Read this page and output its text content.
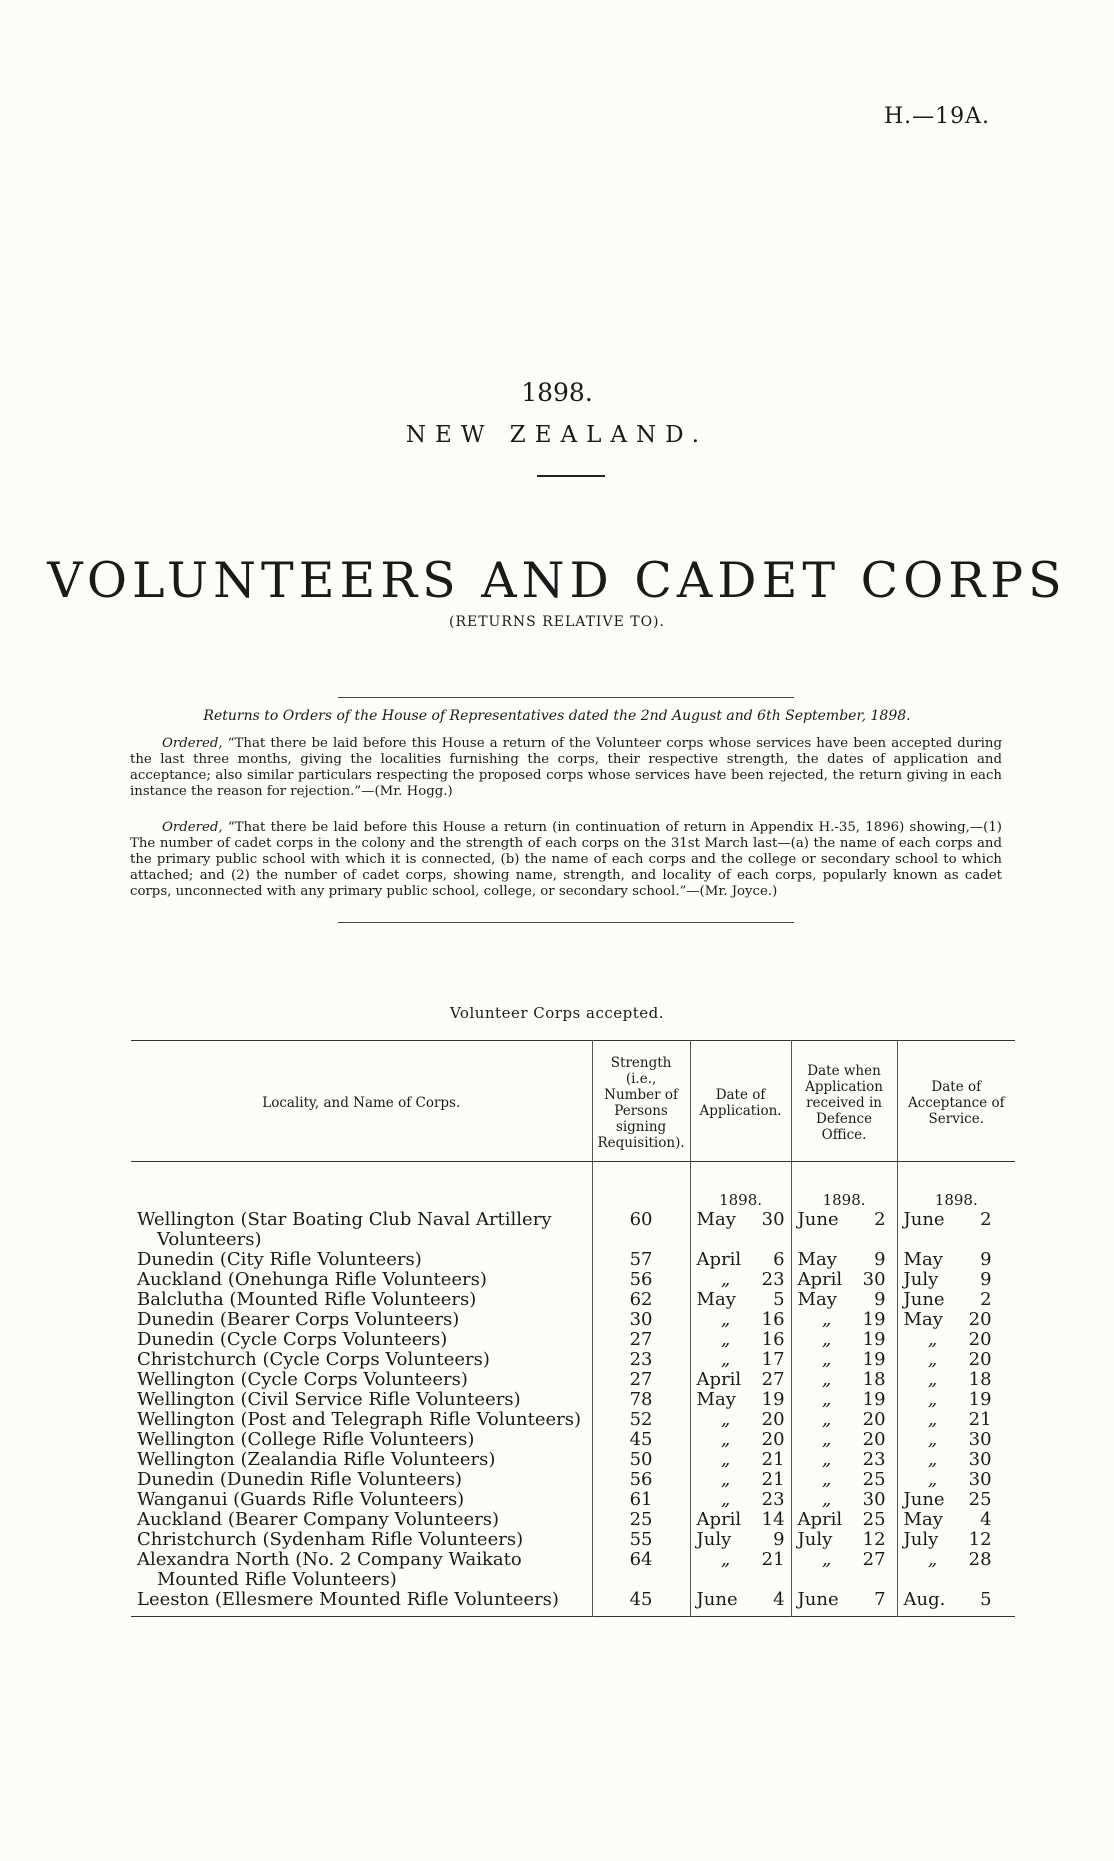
H.—19A.
1898.
NEW ZEALAND.
VOLUNTEERS AND CADET CORPS
(RETURNS RELATIVE TO).
Returns to Orders of the House of Representatives dated the 2nd August and 6th September, 1898.

Ordered, “That there be laid before this House a return of the Volunteer corps whose services have been accepted during the last three months, giving the localities furnishing the corps, their respective strength, the dates of application and acceptance; also similar particulars respecting the proposed corps whose services have been rejected, the return giving in each instance the reason for rejection.”—(Mr. Hogg.)

Ordered, “That there be laid before this House a return (in continuation of return in Appendix H.-35, 1896) showing,—(1) The number of cadet corps in the colony and the strength of each corps on the 31st March last—(a) the name of each corps and the primary public school with which it is connected, (b) the name of each corps and the college or secondary school to which attached; and (2) the number of cadet corps, showing name, strength, and locality of each corps, popularly known as cadet corps, unconnected with any primary public school, college, or secondary school.”—(Mr. Joyce.)

Volunteer Corps accepted.
Locality, and Name of Corps.	Strength (i.e., Number of Persons signing Requisition).	Date of Application.	Date when Application received in Defence Office.	Date of Acceptance of Service.
		1898.	1898.	1898.

Wellington (Star Boating Club Naval Artillery Volunteers)	60	May 30	June 2	June 2

Dunedin (City Rifle Volunteers)	57	April 6	May 9	May 9

Auckland (Onehunga Rifle Volunteers)	56	„ 23	April 30	July 9

Balclutha (Mounted Rifle Volunteers)	62	May 5	May 9	June 2

Dunedin (Bearer Corps Volunteers)	30	„ 16	„ 19	May 20

Dunedin (Cycle Corps Volunteers)	27	„ 16	„ 19	„ 20

Christchurch (Cycle Corps Volunteers)	23	„ 17	„ 19	„ 20

Wellington (Cycle Corps Volunteers)	27	April 27	„ 18	„ 18

Wellington (Civil Service Rifle Volunteers)	78	May 19	„ 19	„ 19

Wellington (Post and Telegraph Rifle Volunteers)	52	„ 20	„ 20	„ 21

Wellington (College Rifle Volunteers)	45	„ 20	„ 20	„ 30

Wellington (Zealandia Rifle Volunteers)	50	„ 21	„ 23	„ 30

Dunedin (Dunedin Rifle Volunteers)	56	„ 21	„ 25	„ 30

Wanganui (Guards Rifle Volunteers)	61	„ 23	„ 30	June 25

Auckland (Bearer Company Volunteers)	25	April 14	April 25	May 4

Christchurch (Sydenham Rifle Volunteers)	55	July 9	July 12	July 12

Alexandra North (No. 2 Company Waikato Mounted Rifle Volunteers)	64	„ 21	„ 27	„ 28

Leeston (Ellesmere Mounted Rifle Volunteers)	45	June 4	June 7	Aug. 5
